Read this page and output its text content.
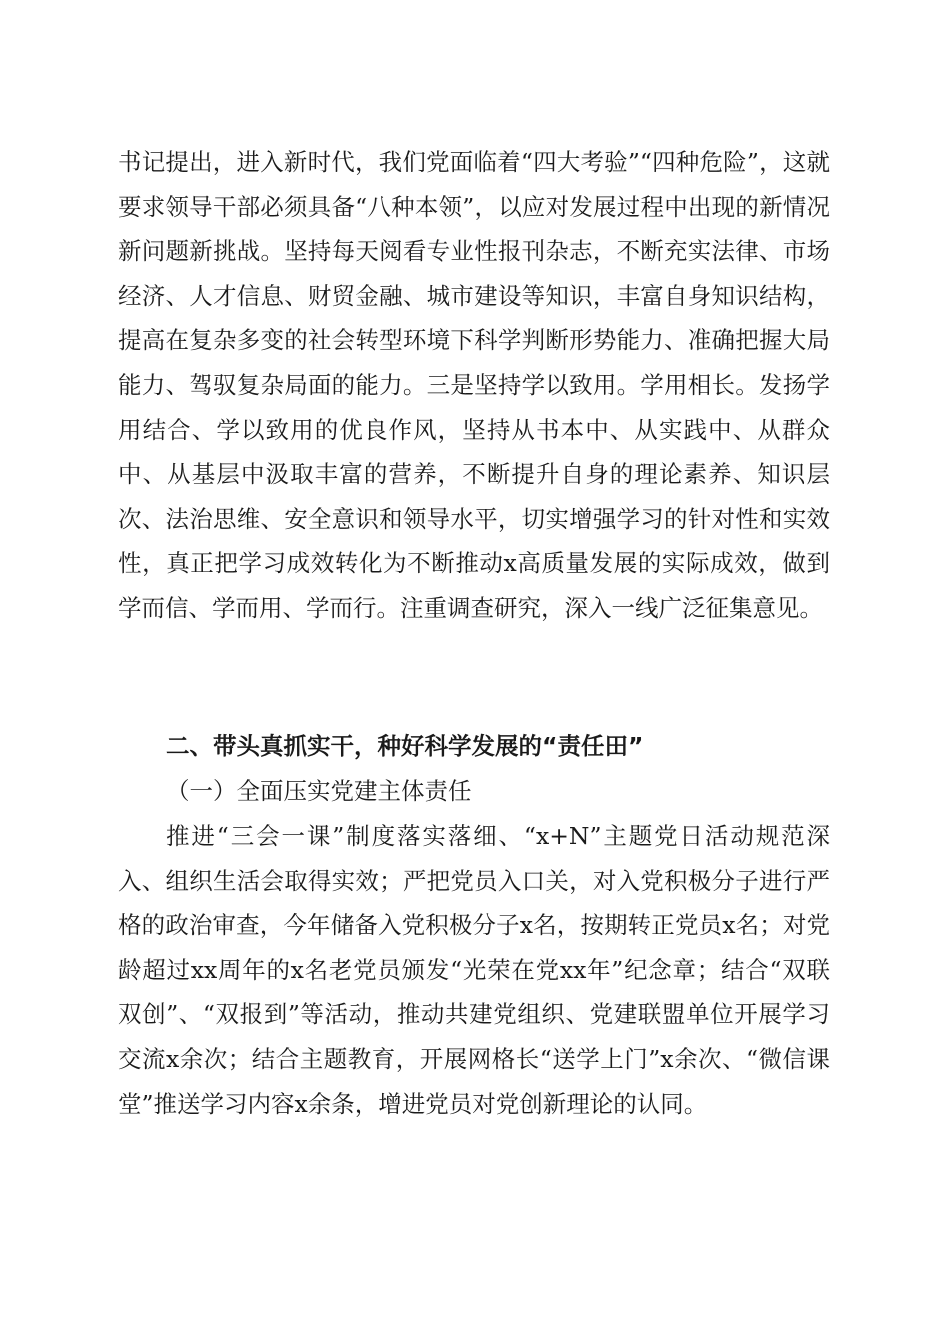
书记提出，进入新时代，我们党面临着“四大考验”“四种危险”，这就要求领导干部必须具备“八种本领”，以应对发展过程中出现的新情况新问题新挑战。坚持每天阅看专业性报刊杂志，不断充实法律、市场经济、人才信息、财贸金融、城市建设等知识，丰富自身知识结构，提高在复杂多变的社会转型环境下科学判断形势能力、准确把握大局能力、驾驭复杂局面的能力。三是坚持学以致用。学用相长。发扬学用结合、学以致用的优良作风，坚持从书本中、从实践中、从群众中、从基层中汲取丰富的营养，不断提升自身的理论素养、知识层次、法治思维、安全意识和领导水平，切实增强学习的针对性和实效性，真正把学习成效转化为不断推动x高质量发展的实际成效，做到学而信、学而用、学而行。注重调查研究，深入一线广泛征集意见。

二、带头真抓实干，种好科学发展的“责任田”
（一）全面压实党建主体责任

推进“三会一课”制度落实落细、“x+N”主题党日活动规范深入、组织生活会取得实效；严把党员入口关，对入党积极分子进行严格的政治审查，今年储备入党积极分子x名，按期转正党员x名；对党龄超过xx周年的x名老党员颁发“光荣在党xx年”纪念章；结合“双联双创”、“双报到”等活动，推动共建党组织、党建联盟单位开展学习交流x余次；结合主题教育，开展网格长“送学上门”x余次、“微信课堂”推送学习内容x余条，增进党员对党创新理论的认同。
